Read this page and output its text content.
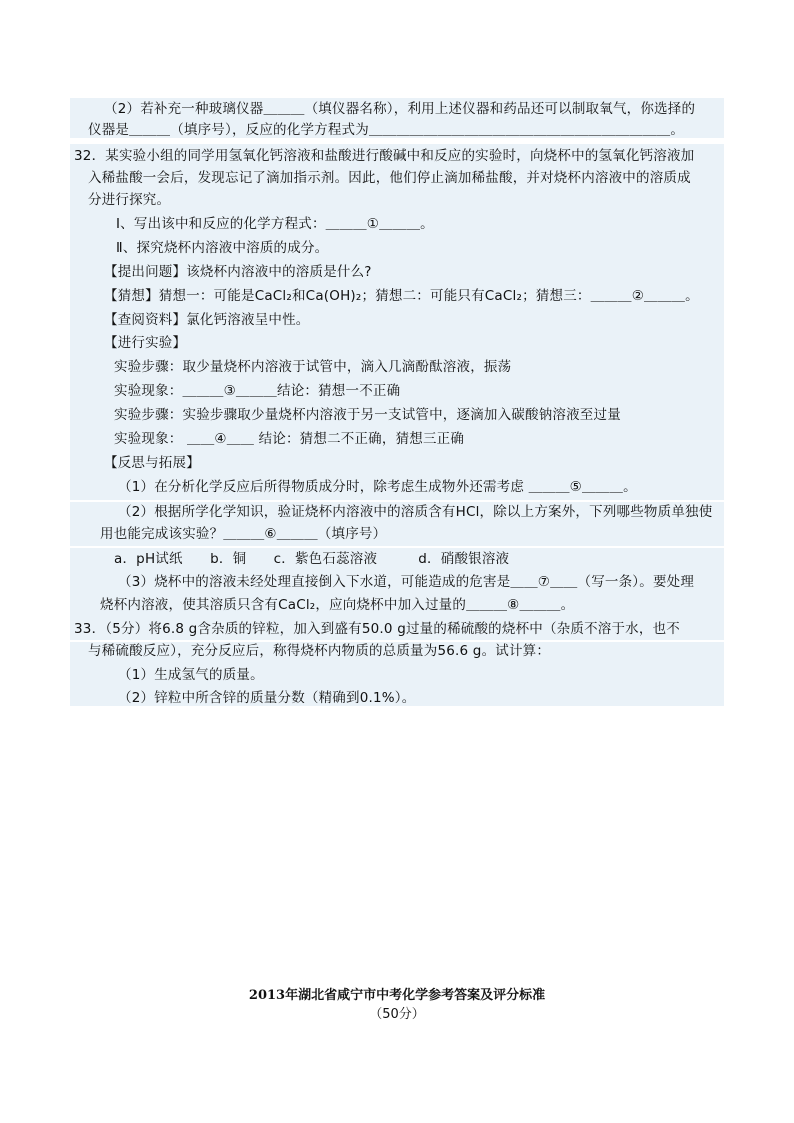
（2）若补充一种玻璃仪器＿＿＿（填仪器名称），利用上述仪器和药品还可以制取氧气，你选择的
仪器是＿＿＿（填序号），反应的化学方程式为＿＿＿＿＿＿＿＿＿＿＿＿＿＿＿＿＿＿＿＿＿＿。
32．某实验小组的同学用氢氧化钙溶液和盐酸进行酸碱中和反应的实验时，向烧杯中的氢氧化钙溶液加
入稀盐酸一会后，发现忘记了滴加指示剂。因此，他们停止滴加稀盐酸，并对烧杯内溶液中的溶质成
分进行探究。
Ⅰ、写出该中和反应的化学方程式：＿＿＿①＿＿＿。
Ⅱ、探究烧杯内溶液中溶质的成分。
【提出问题】该烧杯内溶液中的溶质是什么?
【猜想】猜想一：可能是CaCl₂和Ca(OH)₂；猜想二：可能只有CaCl₂；猜想三：＿＿＿②＿＿＿。
【查阅资料】氯化钙溶液呈中性。
【进行实验】
实验步骤：取少量烧杯内溶液于试管中，滴入几滴酚酞溶液，振荡
实验现象：＿＿＿③＿＿＿结论：猜想一不正确
实验步骤：实验步骤取少量烧杯内溶液于另一支试管中，逐滴加入碳酸钠溶液至过量
实验现象： ＿＿④＿＿ 结论：猜想二不正确，猜想三正确
【反思与拓展】
（1）在分析化学反应后所得物质成分时，除考虑生成物外还需考虑 ＿＿＿⑤＿＿＿。
（2）根据所学化学知识，验证烧杯内溶液中的溶质含有HCl，除以上方案外，下列哪些物质单独使
用也能完成该实验？＿＿＿⑥＿＿＿（填序号）
a．pH试纸　　b．铜　　c．紫色石蕊溶液　　　d．硝酸银溶液
（3）烧杯中的溶液未经处理直接倒入下水道，可能造成的危害是＿＿⑦＿＿（写一条）。要处理
烧杯内溶液，使其溶质只含有CaCl₂，应向烧杯中加入过量的＿＿＿⑧＿＿＿。
33．（5分）将6.8 g含杂质的锌粒，加入到盛有50.0 g过量的稀硫酸的烧杯中（杂质不溶于水，也不
与稀硫酸反应），充分反应后，称得烧杯内物质的总质量为56.6 g。试计算：
（1）生成氢气的质量。
（2）锌粒中所含锌的质量分数（精确到0.1%）。
2013年湖北省咸宁市中考化学参考答案及评分标准
（50分）
